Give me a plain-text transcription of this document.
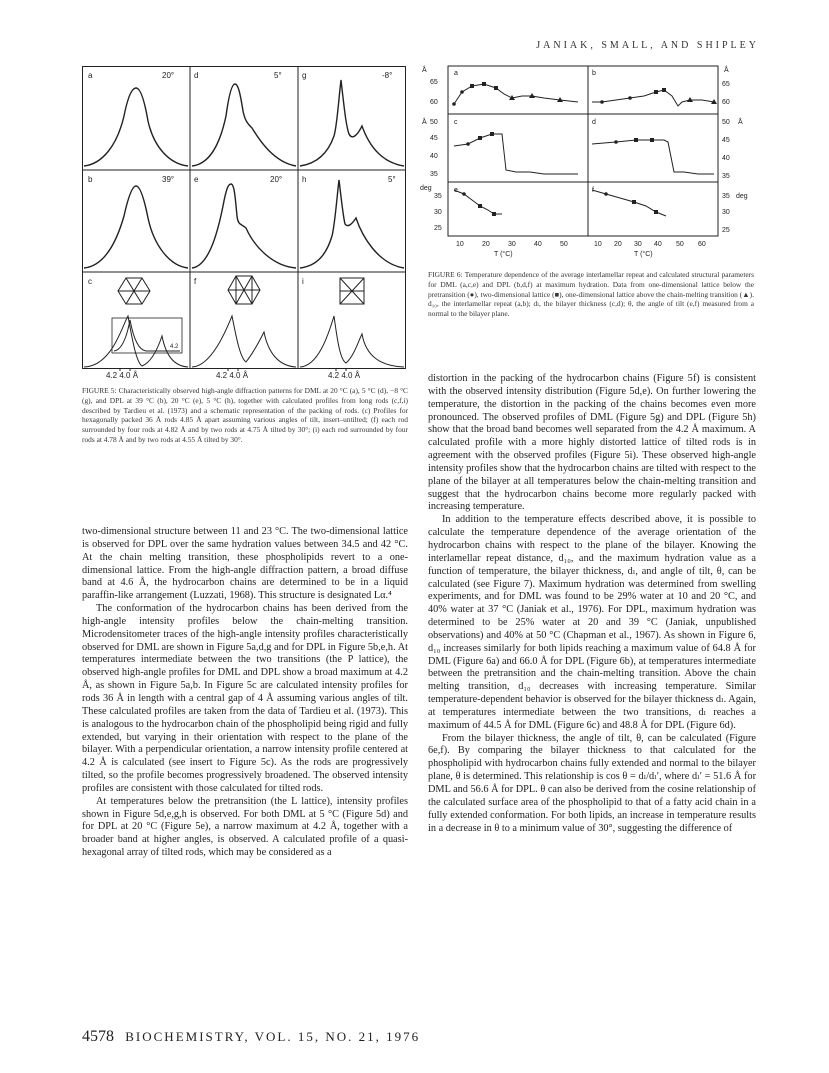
JANIAK, SMALL, AND SHIPLEY
a	20° d	5°	g	-8°
b	39° e	20° h	5°
c	f	i
4.2
4.2 4.0 Å	4.2 4.0 Å	4.2 4.0 Å
FIGURE 5: Characteristically observed high-angle diffraction patterns for DML at 20 °C (a), 5 °C (d), −8 °C (g), and DPL at 39 °C (b), 20 °C (e), 5 °C (h), together with calculated profiles from long rods (c,f,i) described by Tardieu et al. (1973) and a schematic representation of the packing of rods. (c) Profiles for hexagonally packed 36 Å rods 4.85 Å apart assuming various angles of tilt, insert–untilted; (f) each rod surrounded by four rods at 4.82 Å and by two rods at 4.75 Å tilted by 30°; (i) each rod surrounded by four rods at 4.78 Å and by two rods at 4.55 Å tilted by 30°.
a	b
c	d
e	f
Å
65
60
Å 50
45
40
35
deg
35
30
25
Å
65
60
50 Å
45
40
35
35 deg
30
25
10	20	30	40	50	10 20 30 40 50 60
T (°C)	T (°C)
FIGURE 6: Temperature dependence of the average interlamellar repeat and calculated structural parameters for DML (a,c,e) and DPL (b,d,f) at maximum hydration. Data from one-dimensional lattice below the pretransition (●), two-dimensional lattice (■), one-dimensional lattice above the chain-melting transition (▲). d₁₀, the interlamellar repeat (a,b); dₗ, the bilayer thickness (c,d); θ, the angle of tilt (e,f) measured from a normal to the bilayer plane.

two-dimensional structure between 11 and 23 °C. The two-dimensional lattice is observed for DPL over the same hydration values between 34.5 and 42 °C. At the chain melting transition, these phospholipids revert to a one-dimensional lattice. From the high-angle diffraction pattern, a broad diffuse band at 4.6 Å, the hydrocarbon chains are determined to be in a liquid paraffin-like arrangement (Luzzati, 1968). This structure is designated Lα.⁴

The conformation of the hydrocarbon chains has been derived from the high-angle intensity profiles below the chain-melting transition. Microdensitometer traces of the high-angle intensity profiles characteristically observed for DML are shown in Figure 5a,d,g and for DPL in Figure 5b,e,h. At temperatures intermediate between the two transitions (the P lattice), the observed high-angle profiles for DML and DPL show a broad maximum at 4.2 Å, as shown in Figure 5a,b. In Figure 5c are calculated intensity profiles for rods 36 Å in length with a central gap of 4 Å assuming various angles of tilt. These calculated profiles are taken from the data of Tardieu et al. (1973). This is analogous to the hydrocarbon chain of the phospholipid being rigid and fully extended, but varying in their orientation with respect to the plane of the bilayer. With a perpendicular orientation, a narrow intensity profile centered at 4.2 Å is calculated (see insert to Figure 5c). As the rods are progressively tilted, so the profile becomes progressively broadened. The observed intensity profiles are consistent with those calculated for tilted rods.

At temperatures below the pretransition (the L lattice), intensity profiles shown in Figure 5d,e,g,h is observed. For both DML at 5 °C (Figure 5d) and for DPL at 20 °C (Figure 5e), a narrow maximum at 4.2 Å, together with a broader band at higher angles, is observed. A calculated profile of a quasi-hexagonal array of tilted rods, which may be considered as a

distortion in the packing of the hydrocarbon chains (Figure 5f) is consistent with the observed intensity distribution (Figure 5d,e). On further lowering the temperature, the distortion in the packing of the chains becomes even more pronounced. The observed profiles of DML (Figure 5g) and DPL (Figure 5h) show that the broad band becomes well separated from the 4.2 Å maximum. A calculated profile with a more highly distorted lattice of tilted rods is in agreement with the observed profiles (Figure 5i). These observed high-angle intensity profiles show that the hydrocarbon chains are tilted with respect to the plane of the bilayer at all temperatures below the chain-melting transition and suggest that the hydrocarbon chains become more regularly packed with increasing temperature.

In addition to the temperature effects described above, it is possible to calculate the temperature dependence of the average orientation of the hydrocarbon chains with respect to the plane of the bilayer. Knowing the interlamellar repeat distance, d₁₀, and the maximum hydration value as a function of temperature, the bilayer thickness, dₗ, and angle of tilt, θ, can be calculated (see Figure 7). Maximum hydration was determined from swelling experiments, and for DML was found to be 29% water at 10 and 20 °C, and 40% water at 37 °C (Janiak et al., 1976). For DPL, maximum hydration was determined to be 25% water at 20 and 39 °C (Janiak, unpublished observations) and 40% at 50 °C (Chapman et al., 1967). As shown in Figure 6, d₁₀ increases similarly for both lipids reaching a maximum value of 64.8 Å for DML (Figure 6a) and 66.0 Å for DPL (Figure 6b), at temperatures intermediate between the pretransition and the chain-melting transition. Above the chain melting transition, d₁₀ decreases with increasing temperature. Similar temperature-dependent behavior is observed for the bilayer thickness dₗ. Again, at temperatures intermediate between the two transitions, dₗ reaches a maximum of 44.5 Å for DML (Figure 6c) and 48.8 Å for DPL (Figure 6d).

From the bilayer thickness, the angle of tilt, θ, can be calculated (Figure 6e,f). By comparing the bilayer thickness to that calculated for the phospholipid with hydrocarbon chains fully extended and normal to the bilayer plane, θ is determined. This relationship is cos θ = dₗ/dₗ′, where dₗ′ = 51.6 Å for DML and 56.6 Å for DPL. θ can also be derived from the cosine relationship of the calculated surface area of the phospholipid to that of a fatty acid chain in a fully extended conformation. For both lipids, an increase in temperature results in a decrease in θ to a minimum value of 30°, suggesting the difference of

4578 BIOCHEMISTRY, VOL. 15, NO. 21, 1976
